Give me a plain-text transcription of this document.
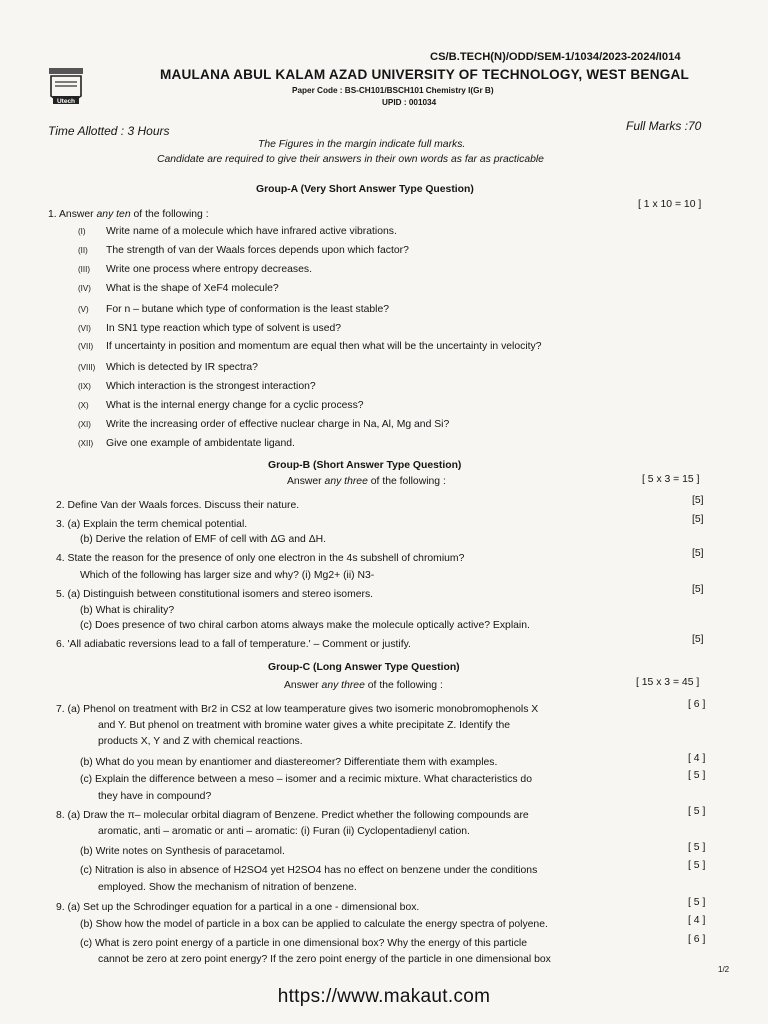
CS/B.TECH(N)/ODD/SEM-1/1034/2023-2024/I014
Utech
MAULANA ABUL KALAM AZAD UNIVERSITY OF TECHNOLOGY, WEST BENGAL
Paper Code : BS-CH101/BSCH101 Chemistry I(Gr B)
UPID : 001034
Time Allotted : 3 Hours	Full Marks :70
The Figures in the margin indicate full marks.
Candidate are required to give their answers in their own words as far as practicable
Group-A (Very Short Answer Type Question)
1. Answer any ten of the following :
[ 1 x 10 = 10 ]
(I) Write name of a molecule which have infrared active vibrations.
(II) The strength of van der Waals forces depends upon which factor?
(III) Write one process where entropy decreases.
(IV) What is the shape of XeF4 molecule?
(V) For n – butane which type of conformation is the least stable?
(VI) In SN1 type reaction which type of solvent is used?
(VII) If uncertainty in position and momentum are equal then what will be the uncertainty in velocity?
(VIII) Which is detected by IR spectra?
(IX) Which interaction is the strongest interaction?
(X) What is the internal energy change for a cyclic process?
(XI) Write the increasing order of effective nuclear charge in Na, Al, Mg and Si?
(XII) Give one example of ambidentate ligand.
Group-B (Short Answer Type Question)
Answer any three of the following :	[ 5 x 3 = 15 ]
2. Define Van der Waals forces. Discuss their nature.	[5]
3. (a) Explain the term chemical potential.	[5]
(b) Derive the relation of EMF of cell with ΔG and ΔH.
4. State the reason for the presence of only one electron in the 4s subshell of chromium?	[5]
Which of the following has larger size and why? (i) Mg2+ (ii) N3-
5. (a) Distinguish between constitutional isomers and stereo isomers.	[5]
(b) What is chirality?
(c) Does presence of two chiral carbon atoms always make the molecule optically active? Explain.
6. 'All adiabatic reversions lead to a fall of temperature.' – Comment or justify.	[5]
Group-C (Long Answer Type Question)
Answer any three of the following :	[ 15 x 3 = 45 ]
7. (a) Phenol on treatment with Br2 in CS2 at low teamperature gives two isomeric monobromophenols X
and Y. But phenol on treatment with bromine water gives a white precipitate Z. Identify the
products X, Y and Z with chemical reactions.
[ 6 ]
(b) What do you mean by enantiomer and diastereomer? Differentiate them with examples.	[ 4 ]
(c) Explain the difference between a meso – isomer and a recimic mixture. What characteristics do
they have in compound?
[ 5 ]
8. (a) Draw the π– molecular orbital diagram of Benzene. Predict whether the following compounds are
aromatic, anti – aromatic or anti – aromatic: (i) Furan (ii) Cyclopentadienyl cation.
[ 5 ]
(b) Write notes on Synthesis of paracetamol.	[ 5 ]
(c) Nitration is also in absence of H2SO4 yet H2SO4 has no effect on benzene under the conditions
employed. Show the mechanism of nitration of benzene.
[ 5 ]
9. (a) Set up the Schrodinger equation for a partical in a one - dimensional box.	[ 5 ]
(b) Show how the model of particle in a box can be applied to calculate the energy spectra of polyene.	[ 4 ]
(c) What is zero point energy of a particle in one dimensional box? Why the energy of this particle
cannot be zero at zero point energy? If the zero point energy of the particle in one dimensional box
[ 6 ]
1/2
https://www.makaut.com
